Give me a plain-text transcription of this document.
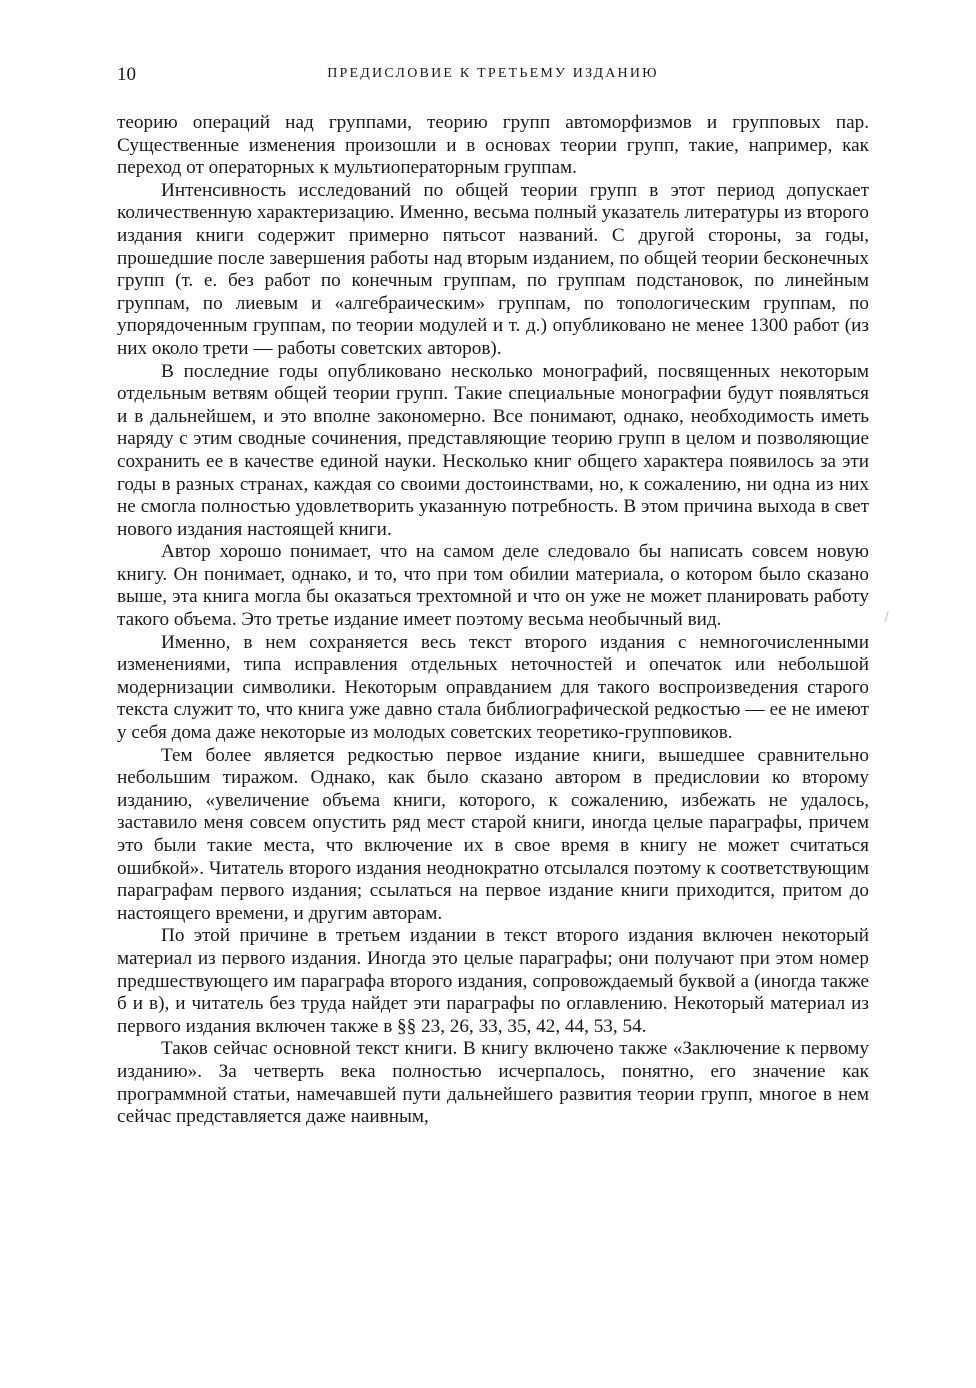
10	ПРЕДИСЛОВИЕ К ТРЕТЬЕМУ ИЗДАНИЮ

теорию операций над группами, теорию групп автоморфизмов и групповых пар. Существенные изменения произошли и в основах теории групп, такие, например, как переход от операторных к мультиоператорным группам.

Интенсивность исследований по общей теории групп в этот период допускает количественную характеризацию. Именно, весьма полный указатель литературы из второго издания книги содержит примерно пятьсот названий. С другой стороны, за годы, прошедшие после завершения работы над вторым изданием, по общей теории бесконечных групп (т. е. без работ по конечным группам, по группам подстановок, по линейным группам, по лиевым и «алгебраическим» группам, по топологическим группам, по упорядоченным группам, по теории модулей и т. д.) опубликовано не менее 1300 работ (из них около трети — работы советских авторов).

В последние годы опубликовано несколько монографий, посвященных некоторым отдельным ветвям общей теории групп. Такие специальные монографии будут появляться и в дальнейшем, и это вполне закономерно. Все понимают, однако, необходимость иметь наряду с этим сводные сочинения, представляющие теорию групп в целом и позволяющие сохранить ее в качестве единой науки. Несколько книг общего характера появилось за эти годы в разных странах, каждая со своими достоинствами, но, к сожалению, ни одна из них не смогла полностью удовлетворить указанную потребность. В этом причина выхода в свет нового издания настоящей книги.

Автор хорошо понимает, что на самом деле следовало бы написать совсем новую книгу. Он понимает, однако, и то, что при том обилии материала, о котором было сказано выше, эта книга могла бы оказаться трехтомной и что он уже не может планировать работу такого объема. Это третье издание имеет поэтому весьма необычный вид.

Именно, в нем сохраняется весь текст второго издания с немногочисленными изменениями, типа исправления отдельных неточностей и опечаток или небольшой модернизации символики. Некоторым оправданием для такого воспроизведения старого текста служит то, что книга уже давно стала библиографической редкостью — ее не имеют у себя дома даже некоторые из молодых советских теоретико-групповиков.

Тем более является редкостью первое издание книги, вышедшее сравнительно небольшим тиражом. Однако, как было сказано автором в предисловии ко второму изданию, «увеличение объема книги, которого, к сожалению, избежать не удалось, заставило меня совсем опустить ряд мест старой книги, иногда целые параграфы, причем это были такие места, что включение их в свое время в книгу не может считаться ошибкой». Читатель второго издания неоднократно отсылался поэтому к соответствующим параграфам первого издания; ссылаться на первое издание книги приходится, притом до настоящего времени, и другим авторам.

По этой причине в третьем издании в текст второго издания включен некоторый материал из первого издания. Иногда это целые параграфы; они получают при этом номер предшествующего им параграфа второго издания, сопровождаемый буквой а (иногда также б и в), и читатель без труда найдет эти параграфы по оглавлению. Некоторый материал из первого издания включен также в §§ 23, 26, 33, 35, 42, 44, 53, 54.

Таков сейчас основной текст книги. В книгу включено также «Заключение к первому изданию». За четверть века полностью исчерпалось, понятно, его значение как программной статьи, намечавшей пути дальнейшего развития теории групп, многое в нем сейчас представляется даже наивным,

⁄
